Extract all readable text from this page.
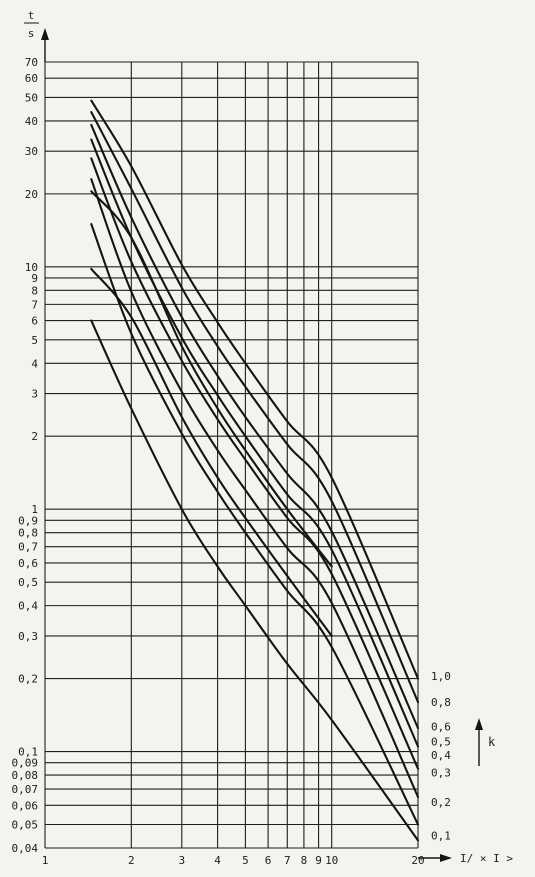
1	2	3	4 5 6 7 8 9 10	20
0,04
0,05
0,06
0,07
0,08
0,09
0,1
0,2
0,3
0,4
0,5
0,6
0,7
0,8
0,9
1
2
3
4
5
6
7
8
9
10
20
30
40
50
60
70
1,0
0,8
0,6
0,5
0,4
0,3
0,2
0,1
t
s
I/ × I >
k
